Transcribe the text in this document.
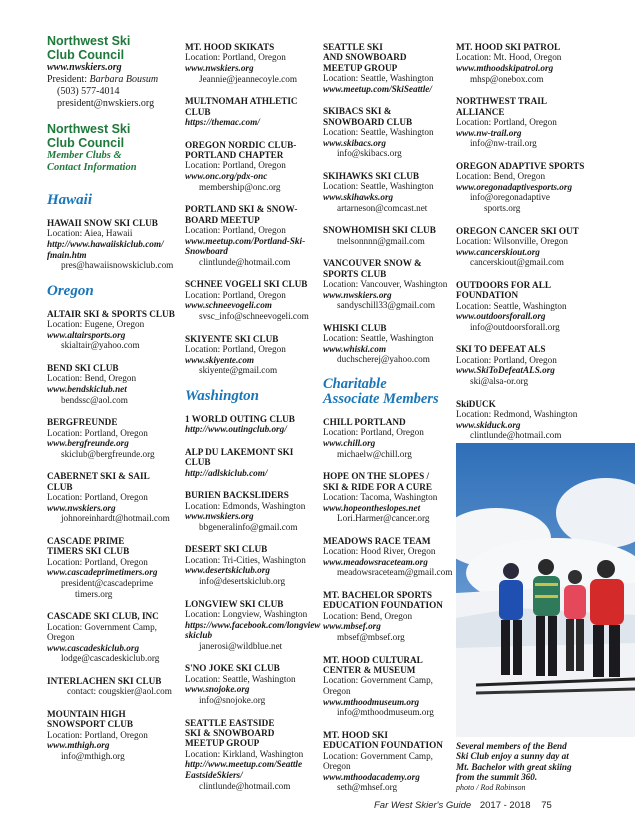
Northwest Ski
Club Council
www.nwskiers.org
President: Barbara Bousum
(503) 577-4014
president@nwskiers.org
Northwest Ski
Club Council
Member Clubs &
Contact Information
Hawaii
HAWAII SNOW SKI CLUB
Location: Aiea, Hawaii
http://www.hawaiiskiclub.com/
fmain.htm
pres@hawaiisnowskiclub.com
Oregon
ALTAIR SKI & SPORTS CLUB
Location: Eugene, Oregon
www.altairsports.org
skialtair@yahoo.com
BEND SKI CLUB
Location: Bend, Oregon
www.bendskiclub.net
bendssc@aol.com
BERGFREUNDE
Location: Portland, Oregon
www.bergfreunde.org
skiclub@bergfreunde.org
CABERNET SKI & SAIL CLUB
Location: Portland, Oregon
www.nwskiers.org
johnoreinhardt@hotmail.com
CASCADE PRIME
TIMERS SKI CLUB
Location: Portland, Oregon
www.cascadeprimetimers.org
president@cascadeprime
timers.org
CASCADE SKI CLUB, INC
Location: Government Camp,
Oregon
www.cascadeskiclub.org
lodge@cascadeskiclub.org
INTERLACHEN SKI CLUB
contact: cougskier@aol.com
MOUNTAIN HIGH
SNOWSPORT CLUB
Location: Portland, Oregon
www.mthigh.org
info@mthigh.org
MT. HOOD SKIKATS
Location: Portland, Oregon
www.nwskiers.org
Jeannie@jeannecoyle.com
MULTNOMAH ATHLETIC
CLUB
https://themac.com/
OREGON NORDIC CLUB-
PORTLAND CHAPTER
Location: Portland, Oregon
www.onc.org/pdx-onc
membership@onc.org
PORTLAND SKI & SNOW-
BOARD MEETUP
Location: Portland, Oregon
www.meetup.com/Portland-Ski-
Snowboard
clintlunde@hotmail.com
SCHNEE VOGELI SKI CLUB
Location: Portland, Oregon
www.schneevogeli.com
svsc_info@schneevogeli.com
SKIYENTE SKI CLUB
Location: Portland, Oregon
www.skiyente.com
skiyente@gmail.com
Washington
1 WORLD OUTING CLUB
http://www.outingclub.org/
ALP DU LAKEMONT SKI CLUB
http://adlskiclub.com/
BURIEN BACKSLIDERS
Location: Edmonds, Washington
www.nwskiers.org
bbgeneralinfo@gmail.com
DESERT SKI CLUB
Location: Tri-Cities, Washington
www.desertskiclub.org
info@desertskiclub.org
LONGVIEW SKI CLUB
Location: Longview, Washington
https://www.facebook.com/longview
skiclub
janerosi@wildblue.net
S'NO JOKE SKI CLUB
Location: Seattle, Washington
www.snojoke.org
info@snojoke.org
SEATTLE EASTSIDE
SKI & SNOWBOARD
MEETUP GROUP
Location: Kirkland, Washington
http://www.meetup.com/Seattle
EastsideSkiers/
clintlunde@hotmail.com
SEATTLE SKI
AND SNOWBOARD
MEETUP GROUP
Location: Seattle, Washington
www.meetup.com/SkiSeattle/
SKIBACS SKI &
SNOWBOARD CLUB
Location: Seattle, Washington
www.skibacs.org
info@skibacs.org
SKIHAWKS SKI CLUB
Location: Seattle, Washington
www.skihawks.org
artarneson@comcast.net
SNOWHOMISH SKI CLUB
tnelsonnnn@gmail.com
VANCOUVER SNOW &
SPORTS CLUB
Location: Vancouver, Washington
www.nwskiers.org
sandyschill33@gmail.com
WHISKI CLUB
Location: Seattle, Washington
www.whiski.com
duchscherej@yahoo.com
Charitable
Associate Members
CHILL PORTLAND
Location: Portland, Oregon
www.chill.org
michaelw@chill.org
HOPE ON THE SLOPES /
SKI & RIDE FOR A CURE
Location: Tacoma, Washington
www.hopeontheslopes.net
Lori.Harmer@cancer.org
MEADOWS RACE TEAM
Location: Hood River, Oregon
www.meadowsraceteam.org
meadowsraceteam@gmail.com
MT. BACHELOR SPORTS
EDUCATION FOUNDATION
Location: Bend, Oregon
www.mbsef.org
mbsef@mbsef.org
MT. HOOD CULTURAL
CENTER & MUSEUM
Location: Government Camp,
Oregon
www.mthoodmuseum.org
info@mthoodmuseum.org
MT. HOOD SKI
EDUCATION FOUNDATION
Location: Government Camp,
Oregon
www.mthoodacademy.org
seth@mhsef.org
MT. HOOD SKI PATROL
Location: Mt. Hood, Oregon
www.mthoodskipatrol.org
mhsp@onebox.com
NORTHWEST TRAIL
ALLIANCE
Location: Portland, Oregon
www.nw-trail.org
info@nw-trail.org
OREGON ADAPTIVE SPORTS
Location: Bend, Oregon
www.oregonadaptivesports.org
info@oregonadaptive
sports.org
OREGON CANCER SKI OUT
Location: Wilsonville, Oregon
www.cancerskiout.org
cancerskiout@gmail.com
OUTDOORS FOR ALL
FOUNDATION
Location: Seattle, Washington
www.outdoorsforall.org
info@outdoorsforall.org
SKI TO DEFEAT ALS
Location: Portland, Oregon
www.SkiToDefeatALS.org
ski@alsa-or.org
SkiDUCK
Location: Redmond, Washington
www.skiduck.org
clintlunde@hotmail.com
Several members of the Bend
Ski Club enjoy a sunny day at
Mt. Bachelor with great skiing
from the summit 360.
photo / Rod Robinson
Far West Skier's Guide 2017 - 2018 75
